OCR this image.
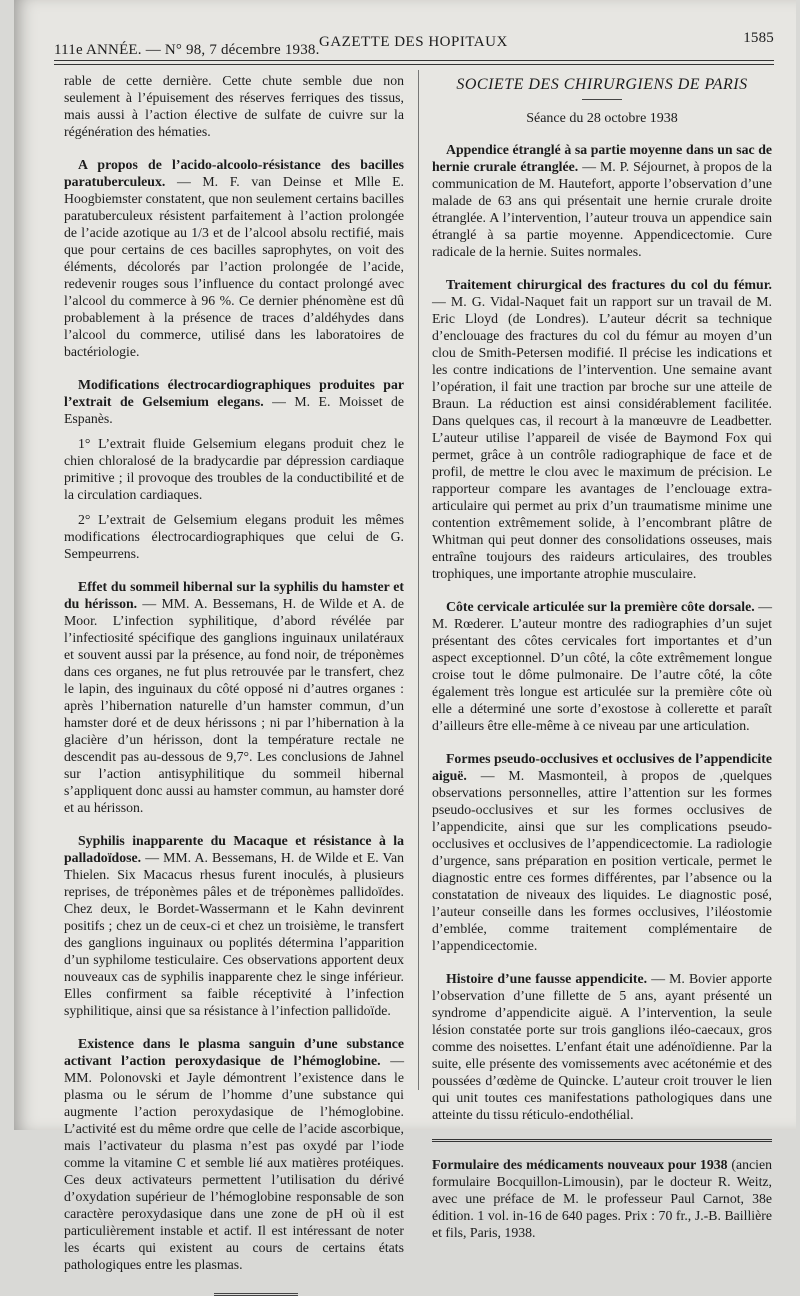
111e ANNÉE. — N° 98, 7 décembre 1938. GAZETTE DES HOPITAUX	1585

rable de cette dernière. Cette chute semble due non seulement à l’épuisement des réserves ferriques des tissus, mais aussi à l’action élective de sulfate de cuivre sur la régénération des hématies.

A propos de l’acido-alcoolo-résistance des bacilles paratuberculeux. — M. F. van Deinse et Mlle E. Hoogbiemster constatent, que non seulement certains bacilles paratuberculeux résistent parfaitement à l’action prolongée de l’acide azotique au 1/3 et de l’alcool absolu rectifié, mais que pour certains de ces bacilles saprophytes, on voit des éléments, décolorés par l’action prolongée de l’acide, redevenir rouges sous l’influence du contact prolongé avec l’alcool du commerce à 96 %. Ce dernier phénomène est dû probablement à la présence de traces d’aldéhydes dans l’alcool du commerce, utilisé dans les laboratoires de bactériologie.

Modifications électrocardiographiques produites par l’extrait de Gelsemium elegans. — M. E. Moisset de Espanès.

1° L’extrait fluide Gelsemium elegans produit chez le chien chloralosé de la bradycardie par dépression cardiaque primitive ; il provoque des troubles de la conductibilité et de la circulation cardiaques.

2° L’extrait de Gelsemium elegans produit les mêmes modifications électrocardiographiques que celui de G. Sempeurrens.

Effet du sommeil hibernal sur la syphilis du hamster et du hérisson. — MM. A. Bessemans, H. de Wilde et A. de Moor. L’infection syphilitique, d’abord révélée par l’infectiosité spécifique des ganglions inguinaux unilatéraux et souvent aussi par la présence, au fond noir, de tréponèmes dans ces organes, ne fut plus retrouvée par le transfert, chez le lapin, des inguinaux du côté opposé ni d’autres organes : après l’hibernation naturelle d’un hamster commun, d’un hamster doré et de deux hérissons ; ni par l’hibernation à la glacière d’un hérisson, dont la température rectale ne descendit pas au-dessous de 9,7°. Les conclusions de Jahnel sur l’action antisyphilitique du sommeil hibernal s’appliquent donc aussi au hamster commun, au hamster doré et au hérisson.

Syphilis inapparente du Macaque et résistance à la palladoïdose. — MM. A. Bessemans, H. de Wilde et E. Van Thielen. Six Macacus rhesus furent inoculés, à plusieurs reprises, de tréponèmes pâles et de tréponèmes pallidoïdes. Chez deux, le Bordet-Wassermann et le Kahn devinrent positifs ; chez un de ceux-ci et chez un troisième, le transfert des ganglions inguinaux ou poplités détermina l’apparition d’un syphilome testiculaire. Ces observations apportent deux nouveaux cas de syphilis inapparente chez le singe inférieur. Elles confirment sa faible réceptivité à l’infection syphilitique, ainsi que sa résistance à l’infection pallidoïde.

Existence dans le plasma sanguin d’une substance activant l’action peroxydasique de l’hémoglobine. — MM. Polonovski et Jayle démontrent l’existence dans le plasma ou le sérum de l’homme d’une substance qui augmente l’action peroxydasique de l’hémoglobine. L’activité est du même ordre que celle de l’acide ascorbique, mais l’activateur du plasma n’est pas oxydé par l’iode comme la vitamine C et semble lié aux matières protéiques. Ces deux activateurs permettent l’utilisation du dérivé d’oxydation supérieur de l’hémoglobine responsable de son caractère peroxydasique dans une zone de pH où il est particulièrement instable et actif. Il est intéressant de noter les écarts qui existent au cours de certains états pathologiques entre les plasmas.

SOCIETE DES CHIRURGIENS DE PARIS
Séance du 28 octobre 1938

Appendice étranglé à sa partie moyenne dans un sac de hernie crurale étranglée. — M. P. Séjournet, à propos de la communication de M. Hautefort, apporte l’observation d’une malade de 63 ans qui présentait une hernie crurale droite étranglée. A l’intervention, l’auteur trouva un appendice sain étranglé à sa partie moyenne. Appendicectomie. Cure radicale de la hernie. Suites normales.

Traitement chirurgical des fractures du col du fémur. — M. G. Vidal-Naquet fait un rapport sur un travail de M. Eric Lloyd (de Londres). L’auteur décrit sa technique d’enclouage des fractures du col du fémur au moyen d’un clou de Smith-Petersen modifié. Il précise les indications et les contre indications de l’intervention. Une semaine avant l’opération, il fait une traction par broche sur une atteile de Braun. La réduction est ainsi considérablement facilitée. Dans quelques cas, il recourt à la manœuvre de Leadbetter. L’auteur utilise l’appareil de visée de Baymond Fox qui permet, grâce à un contrôle radiographique de face et de profil, de mettre le clou avec le maximum de précision. Le rapporteur compare les avantages de l’enclouage extra-articulaire qui permet au prix d’un traumatisme minime une contention extrêmement solide, à l’encombrant plâtre de Whitman qui peut donner des consolidations osseuses, mais entraîne toujours des raideurs articulaires, des troubles trophiques, une importante atrophie musculaire.

Côte cervicale articulée sur la première côte dorsale. — M. Rœderer. L’auteur montre des radiographies d’un sujet présentant des côtes cervicales fort importantes et d’un aspect exceptionnel. D’un côté, la côte extrêmement longue croise tout le dôme pulmonaire. De l’autre côté, la côte également très longue est articulée sur la première côte où elle a déterminé une sorte d’exostose à collerette et paraît d’ailleurs être elle-même à ce niveau par une articulation.

Formes pseudo-occlusives et occlusives de l’appendicite aiguë. — M. Masmonteil, à propos de ,quelques observations personnelles, attire l’attention sur les formes pseudo-occlusives et sur les formes occlusives de l’appendicite, ainsi que sur les complications pseudo-occlusives et occlusives de l’appendicectomie. La radiologie d’urgence, sans préparation en position verticale, permet le diagnostic entre ces formes différentes, par l’absence ou la constatation de niveaux des liquides. Le diagnostic posé, l’auteur conseille dans les formes occlusives, l’iléostomie d’emblée, comme traitement complémentaire de l’appendicectomie.

Histoire d’une fausse appendicite. — M. Bovier apporte l’observation d’une fillette de 5 ans, ayant présenté un syndrome d’appendicite aiguë. A l’intervention, la seule lésion constatée porte sur trois ganglions iléo-caecaux, gros comme des noisettes. L’enfant était une adénoïdienne. Par la suite, elle présente des vomissements avec acétonémie et des poussées d’œdème de Quincke. L’auteur croit trouver le lien qui unit toutes ces manifestations pathologiques dans une atteinte du tissu réticulo-endothélial.

Formulaire des médicaments nouveaux pour 1938 (ancien formulaire Bocquillon-Limousin), par le docteur R. Weitz, avec une préface de M. le professeur Paul Carnot, 38e édition. 1 vol. in-16 de 640 pages. Prix : 70 fr., J.-B. Baillière et fils, Paris, 1938.
